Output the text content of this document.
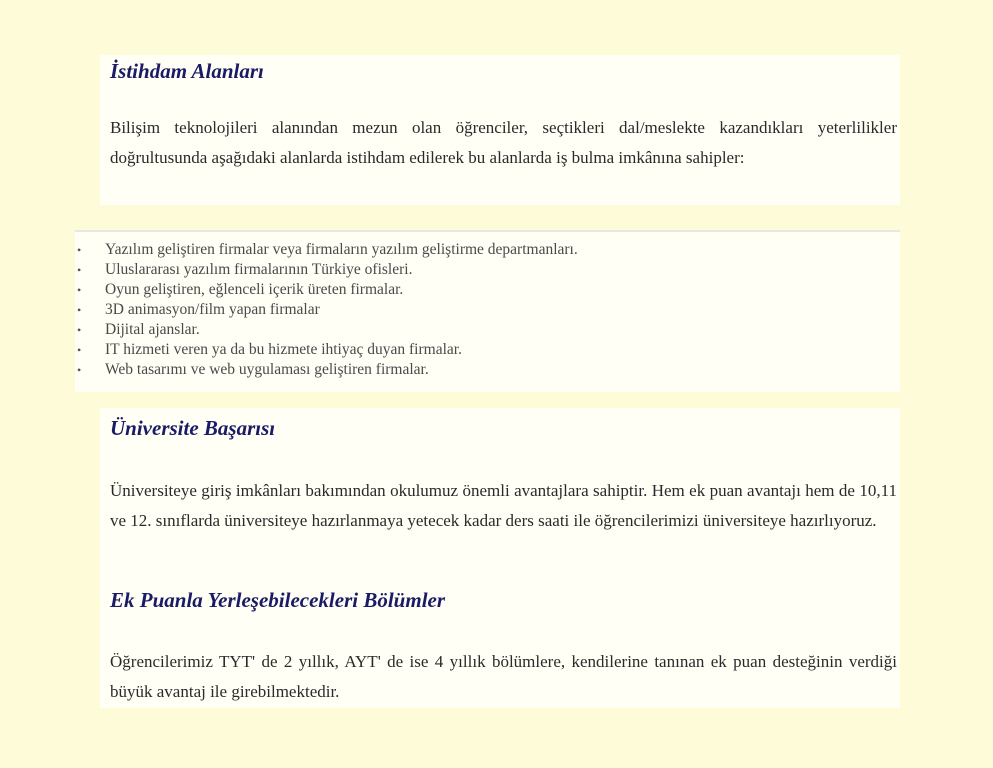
İstihdam Alanları

Bilişim teknolojileri alanından mezun olan öğrenciler, seçtikleri dal/meslekte kazandıkları yeterlilikler doğrultusunda aşağıdaki alanlarda istihdam edilerek bu alanlarda iş bulma imkânına sahipler:

• Yazılım geliştiren firmalar veya firmaların yazılım geliştirme departmanları.
• Uluslararası yazılım firmalarının Türkiye ofisleri.
• Oyun geliştiren, eğlenceli içerik üreten firmalar.
• 3D animasyon/film yapan firmalar
• Dijital ajanslar.
• IT hizmeti veren ya da bu hizmete ihtiyaç duyan firmalar.
• Web tasarımı ve web uygulaması geliştiren firmalar.
Üniversite Başarısı

Üniversiteye giriş imkânları bakımından okulumuz önemli avantajlara sahiptir. Hem ek puan avantajı hem de 10,11 ve 12. sınıflarda üniversiteye hazırlanmaya yetecek kadar ders saati ile öğrencilerimizi üniversiteye hazırlıyoruz.

Ek Puanla Yerleşebilecekleri Bölümler

Öğrencilerimiz TYT' de 2 yıllık, AYT' de ise 4 yıllık bölümlere, kendilerine tanınan ek puan desteğinin verdiği büyük avantaj ile girebilmektedir.
